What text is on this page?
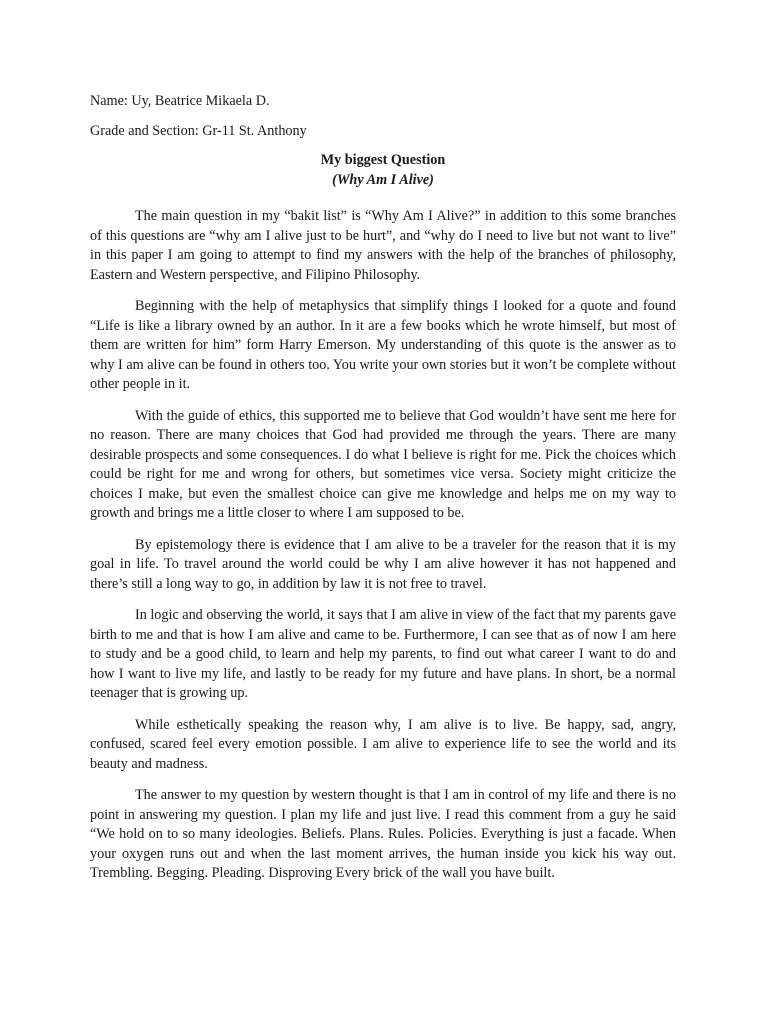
Name: Uy, Beatrice Mikaela D.

Grade and Section: Gr-11 St. Anthony

My biggest Question
(Why Am I Alive)

The main question in my “bakit list” is “Why Am I Alive?” in addition to this some branches of this questions are “why am I alive just to be hurt”, and “why do I need to live but not want to live” in this paper I am going to attempt to find my answers with the help of the branches of philosophy, Eastern and Western perspective, and Filipino Philosophy.

Beginning with the help of metaphysics that simplify things I looked for a quote and found “Life is like a library owned by an author. In it are a few books which he wrote himself, but most of them are written for him” form Harry Emerson. My understanding of this quote is the answer as to why I am alive can be found in others too. You write your own stories but it won’t be complete without other people in it.

With the guide of ethics, this supported me to believe that God wouldn’t have sent me here for no reason. There are many choices that God had provided me through the years. There are many desirable prospects and some consequences. I do what I believe is right for me. Pick the choices which could be right for me and wrong for others, but sometimes vice versa. Society might criticize the choices I make, but even the smallest choice can give me knowledge and helps me on my way to growth and brings me a little closer to where I am supposed to be.

By epistemology there is evidence that I am alive to be a traveler for the reason that it is my goal in life. To travel around the world could be why I am alive however it has not happened and there’s still a long way to go, in addition by law it is not free to travel.

In logic and observing the world, it says that I am alive in view of the fact that my parents gave birth to me and that is how I am alive and came to be. Furthermore, I can see that as of now I am here to study and be a good child, to learn and help my parents, to find out what career I want to do and how I want to live my life, and lastly to be ready for my future and have plans. In short, be a normal teenager that is growing up.

While esthetically speaking the reason why, I am alive is to live. Be happy, sad, angry, confused, scared feel every emotion possible. I am alive to experience life to see the world and its beauty and madness.

The answer to my question by western thought is that I am in control of my life and there is no point in answering my question. I plan my life and just live. I read this comment from a guy he said “We hold on to so many ideologies. Beliefs. Plans. Rules. Policies. Everything is just a facade. When your oxygen runs out and when the last moment arrives, the human inside you kick his way out. Trembling. Begging. Pleading. Disproving Every brick of the wall you have built.
